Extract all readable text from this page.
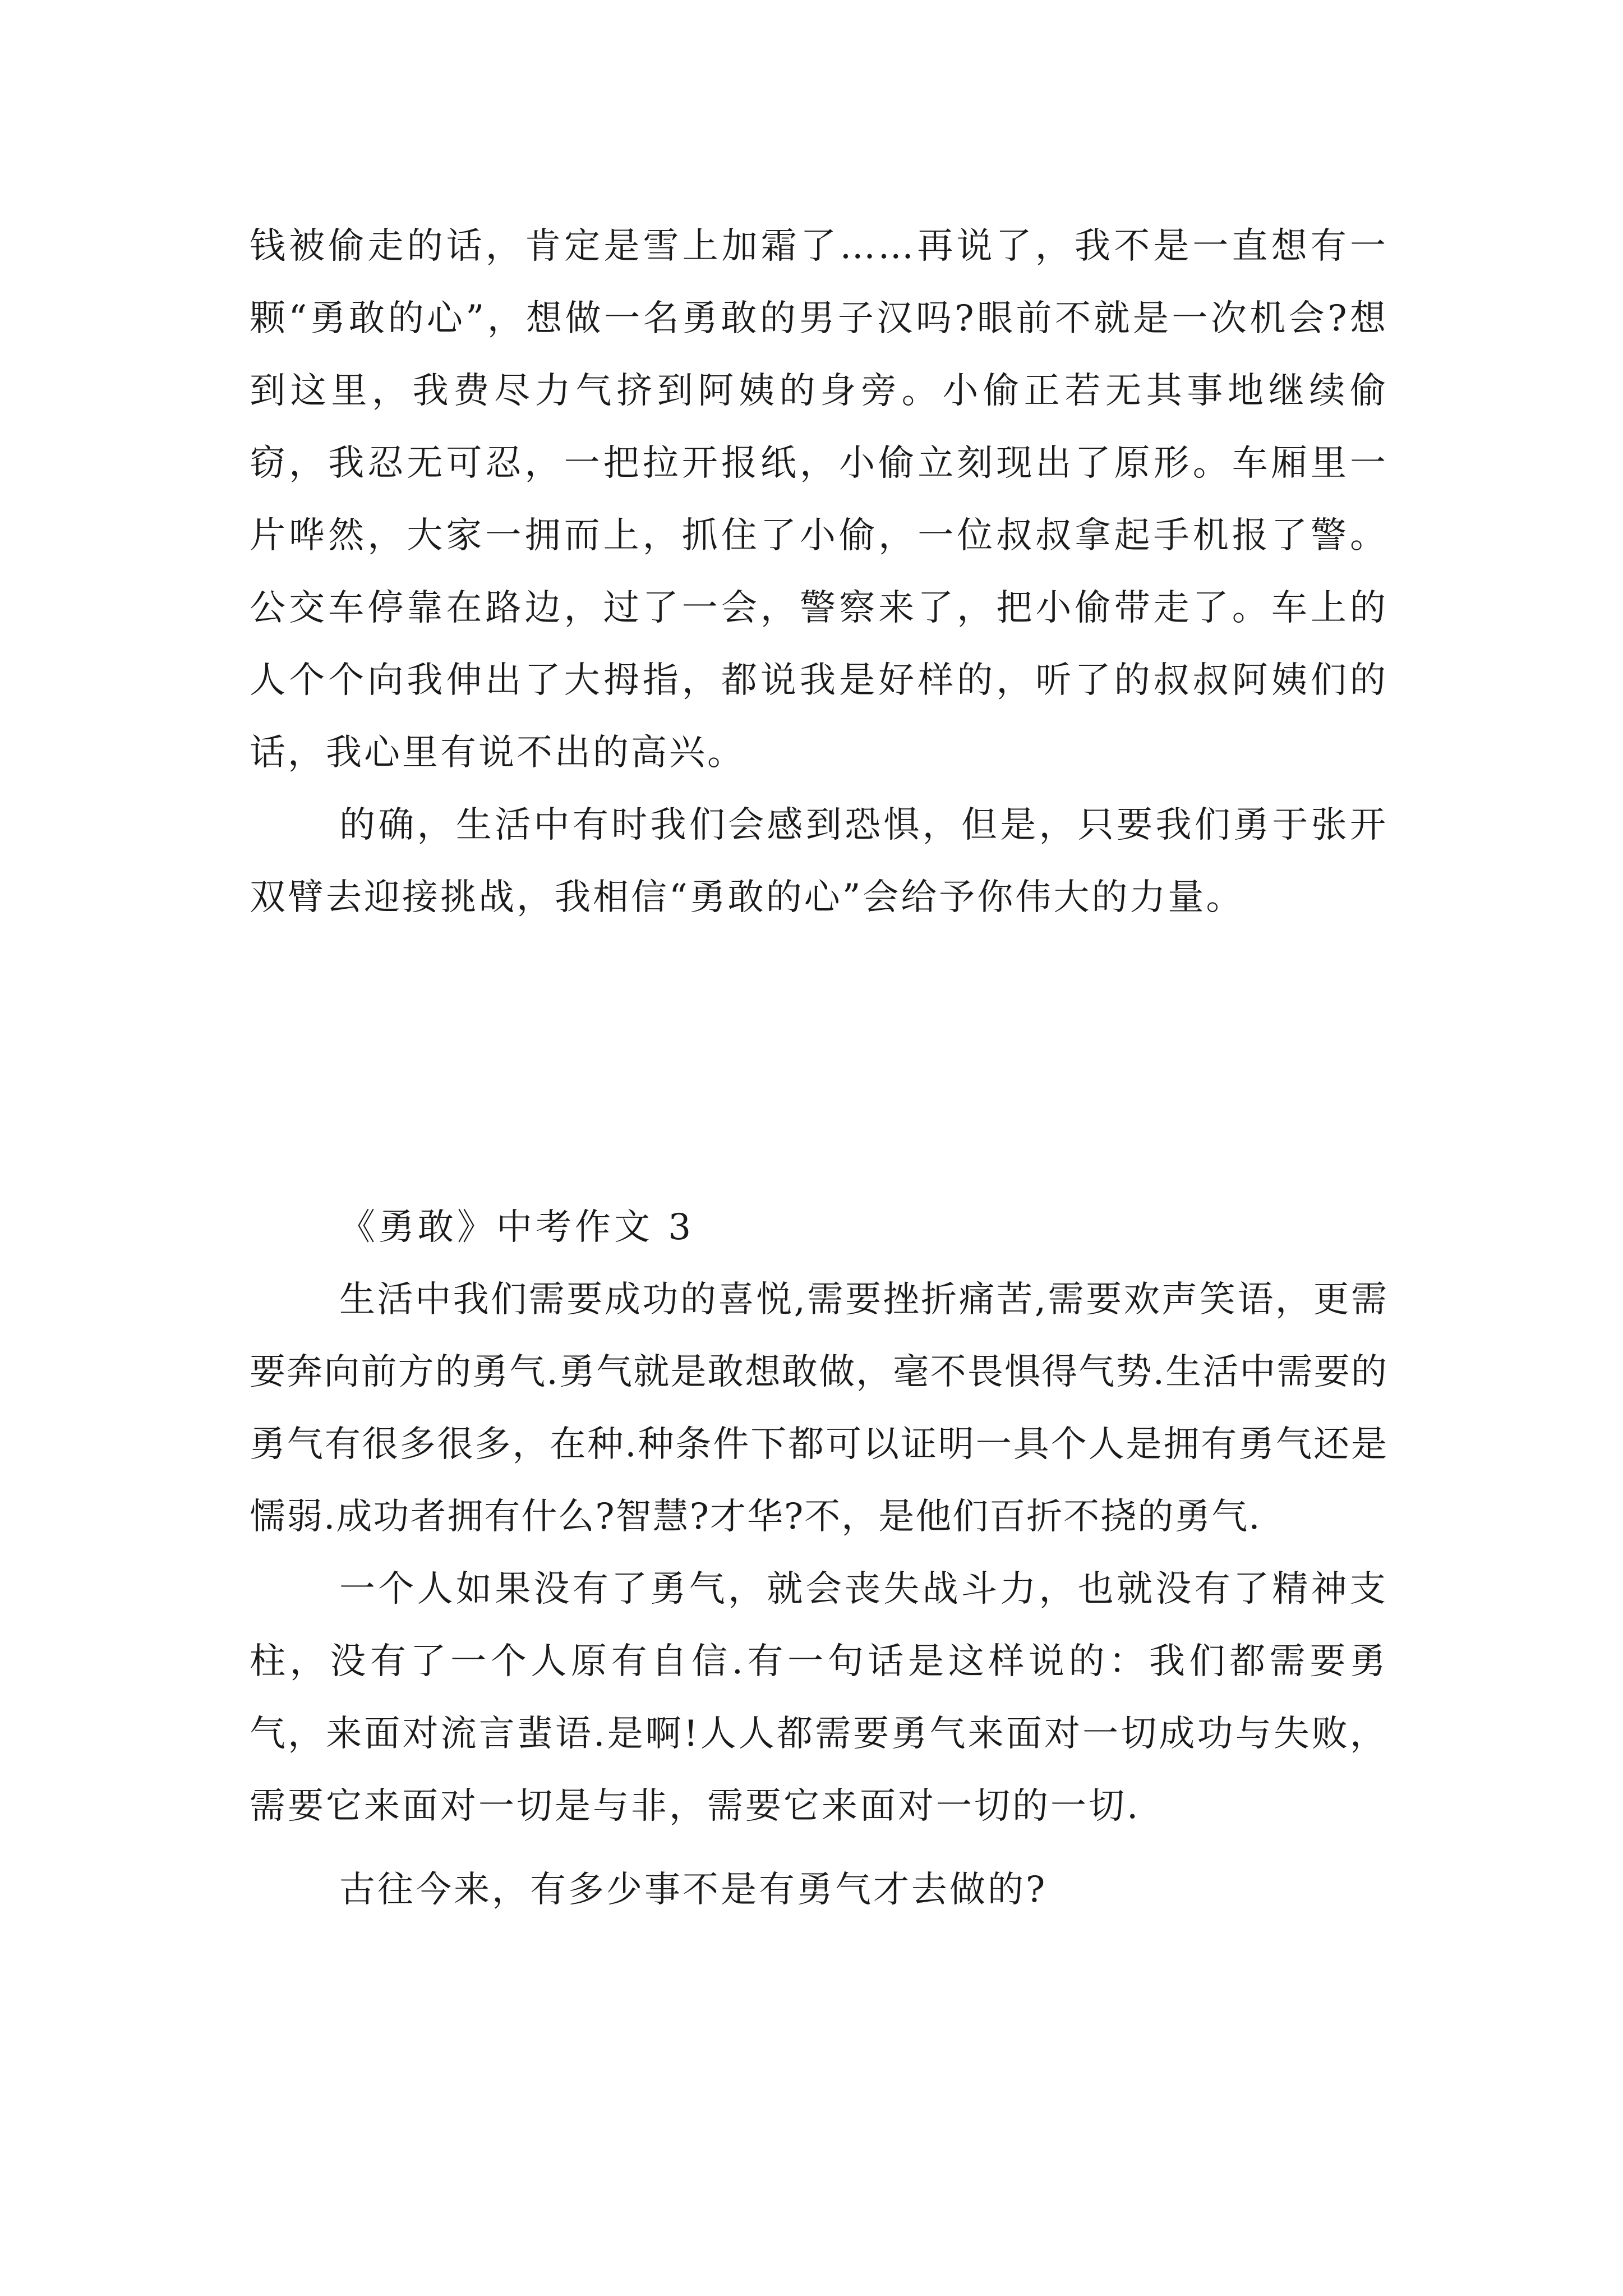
钱被偷走的话，肯定是雪上加霜了……再说了，我不是一直想有一颗“勇敢的心”，想做一名勇敢的男子汉吗?眼前不就是一次机会?想到这里，我费尽力气挤到阿姨的身旁。小偷正若无其事地继续偷窃，我忍无可忍，一把拉开报纸，小偷立刻现出了原形。车厢里一片哗然，大家一拥而上，抓住了小偷，一位叔叔拿起手机报了警。公交车停靠在路边，过了一会，警察来了，把小偷带走了。车上的人个个向我伸出了大拇指，都说我是好样的，听了的叔叔阿姨们的话，我心里有说不出的高兴。

的确，生活中有时我们会感到恐惧，但是，只要我们勇于张开双臂去迎接挑战，我相信“勇敢的心”会给予你伟大的力量。

《勇敢》中考作文 3

生活中我们需要成功的喜悦,需要挫折痛苦,需要欢声笑语，更需要奔向前方的勇气.勇气就是敢想敢做，毫不畏惧得气势.生活中需要的勇气有很多很多，在种.种条件下都可以证明一具个人是拥有勇气还是懦弱.成功者拥有什么?智慧?才华?不，是他们百折不挠的勇气.

一个人如果没有了勇气，就会丧失战斗力，也就没有了精神支柱，没有了一个人原有自信.有一句话是这样说的：我们都需要勇气，来面对流言蜚语.是啊!人人都需要勇气来面对一切成功与失败，需要它来面对一切是与非，需要它来面对一切的一切.

古往今来，有多少事不是有勇气才去做的?
